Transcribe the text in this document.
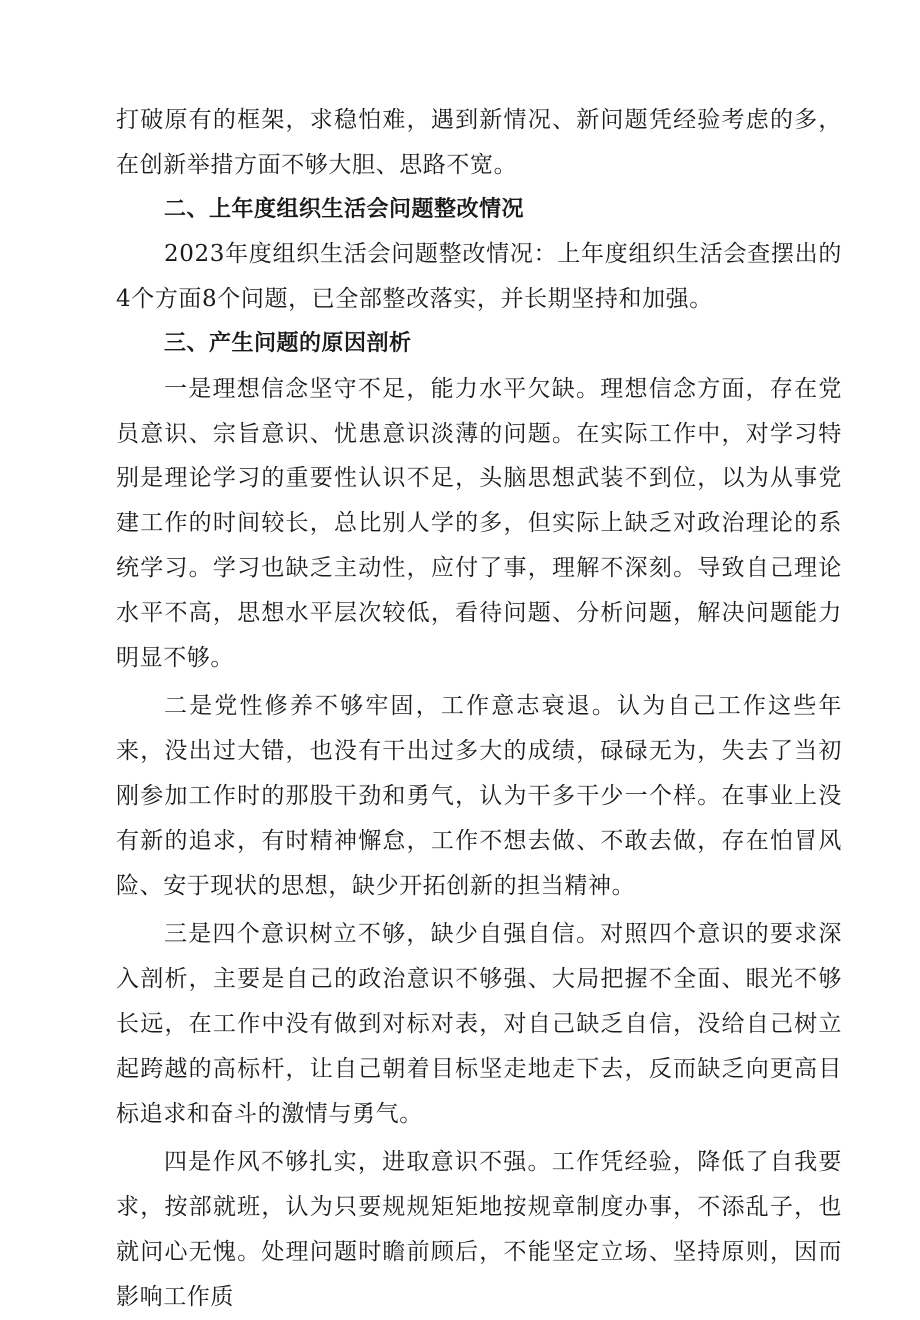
打破原有的框架，求稳怕难，遇到新情况、新问题凭经验考虑的多，在创新举措方面不够大胆、思路不宽。

二、上年度组织生活会问题整改情况

2023年度组织生活会问题整改情况：上年度组织生活会查摆出的4个方面8个问题，已全部整改落实，并长期坚持和加强。

三、产生问题的原因剖析

一是理想信念坚守不足，能力水平欠缺。理想信念方面，存在党员意识、宗旨意识、忧患意识淡薄的问题。在实际工作中，对学习特别是理论学习的重要性认识不足，头脑思想武装不到位，以为从事党建工作的时间较长，总比别人学的多，但实际上缺乏对政治理论的系统学习。学习也缺乏主动性，应付了事，理解不深刻。导致自己理论水平不高，思想水平层次较低，看待问题、分析问题，解决问题能力明显不够。

二是党性修养不够牢固，工作意志衰退。认为自己工作这些年来，没出过大错，也没有干出过多大的成绩，碌碌无为，失去了当初刚参加工作时的那股干劲和勇气，认为干多干少一个样。在事业上没有新的追求，有时精神懈怠，工作不想去做、不敢去做，存在怕冒风险、安于现状的思想，缺少开拓创新的担当精神。

三是四个意识树立不够，缺少自强自信。对照四个意识的要求深入剖析，主要是自己的政治意识不够强、大局把握不全面、眼光不够长远，在工作中没有做到对标对表，对自己缺乏自信，没给自己树立起跨越的高标杆，让自己朝着目标坚走地走下去，反而缺乏向更高目标追求和奋斗的激情与勇气。

四是作风不够扎实，进取意识不强。工作凭经验，降低了自我要求，按部就班，认为只要规规矩矩地按规章制度办事，不添乱子，也就问心无愧。处理问题时瞻前顾后，不能坚定立场、坚持原则，因而影响工作质
